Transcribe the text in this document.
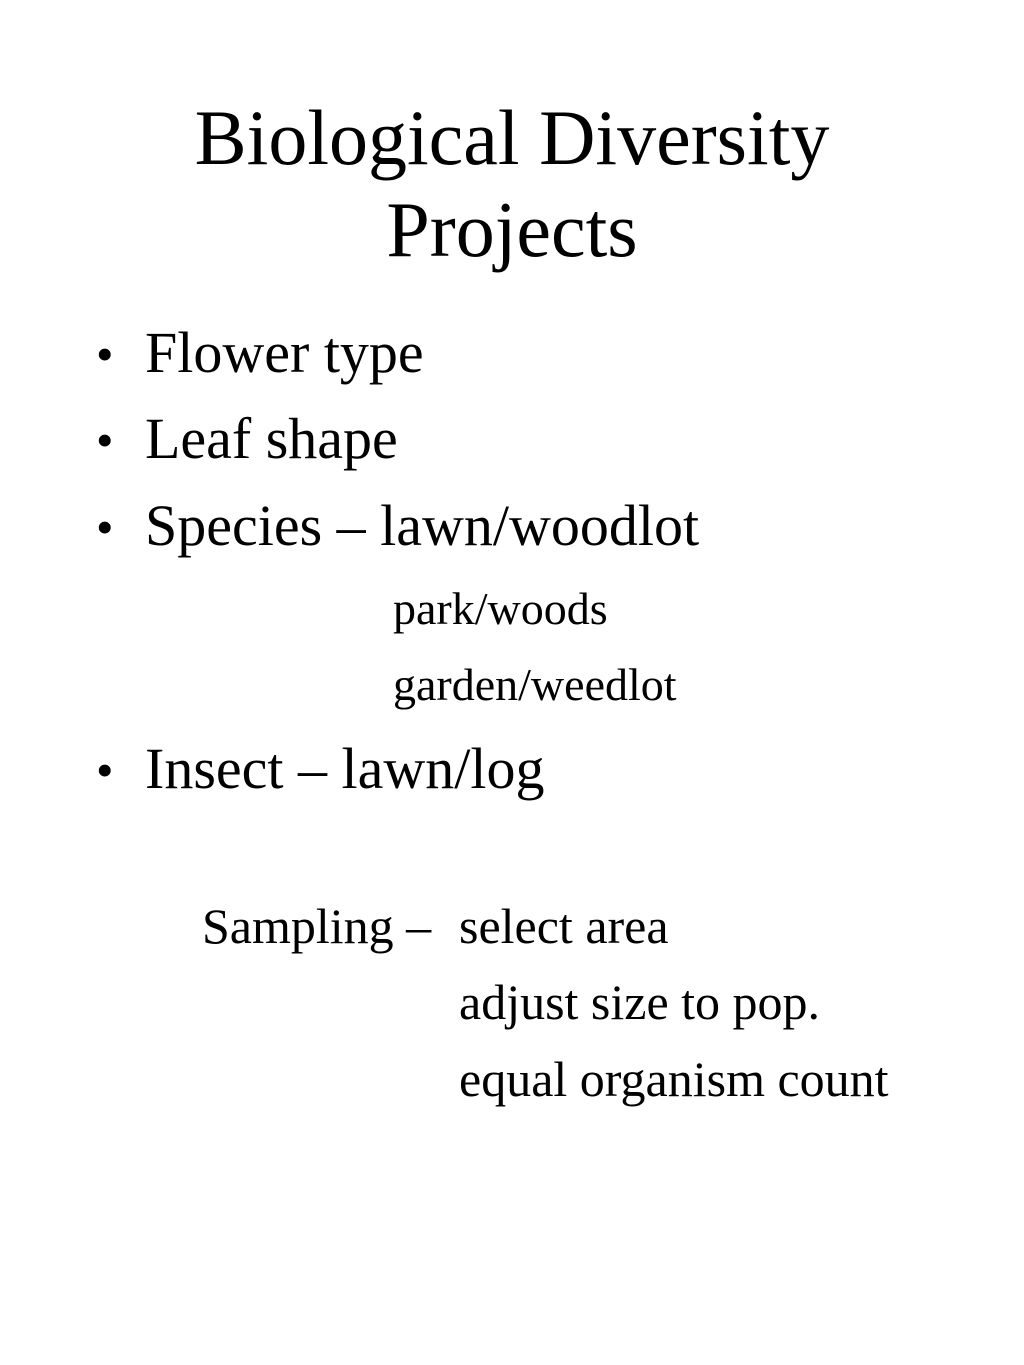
Biological Diversity
Projects
• Flower type
• Leaf shape
• Species – lawn/woodlot
park/woods
garden/weedlot
• Insect – lawn/log
Sampling – select area
adjust size to pop.
equal organism count
